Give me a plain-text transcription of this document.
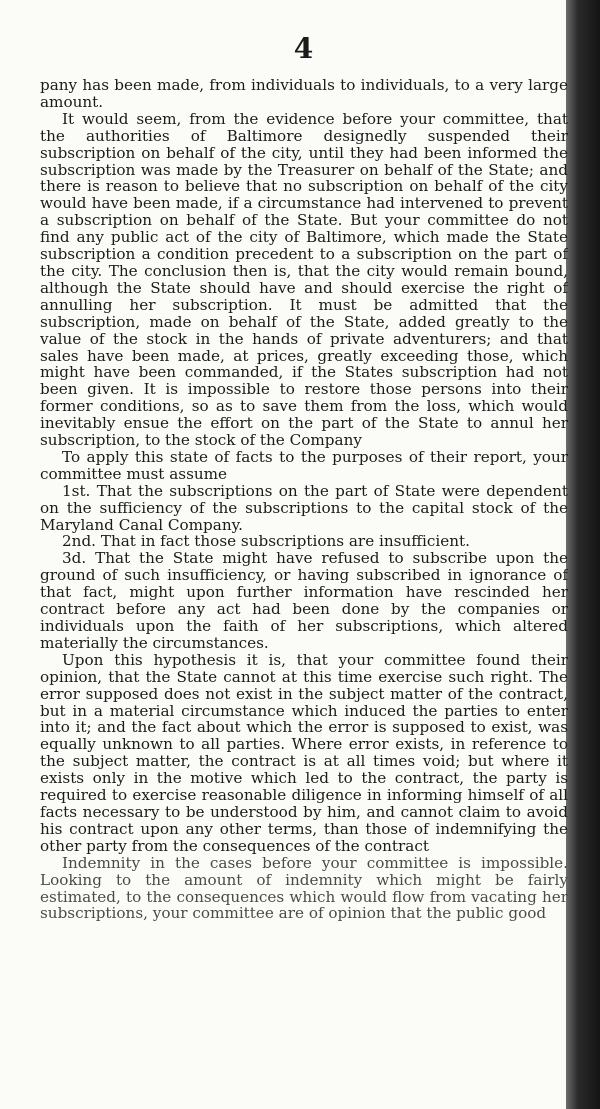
4

pany has been made, from individuals to individuals, to a very large amount.

It would seem, from the evidence before your committee, that the authorities of Baltimore designedly suspended their subscription on behalf of the city, until they had been informed the subscription was made by the Treasurer on behalf of the State; and there is reason to believe that no subscription on behalf of the city would have been made, if a circumstance had intervened to prevent a subscription on behalf of the State. But your committee do not find any public act of the city of Baltimore, which made the State subscription a condition precedent to a subscription on the part of the city. The conclusion then is, that the city would remain bound, although the State should have and should exercise the right of annulling her subscription. It must be admitted that the subscription, made on behalf of the State, added greatly to the value of the stock in the hands of private adventurers; and that sales have been made, at prices, greatly exceeding those, which might have been commanded, if the States subscription had not been given. It is impossible to restore those persons into their former conditions, so as to save them from the loss, which would inevitably ensue the effort on the part of the State to annul her subscription, to the stock of the Company

To apply this state of facts to the purposes of their report, your committee must assume

1st. That the subscriptions on the part of State were dependent on the sufficiency of the subscriptions to the capital stock of the Maryland Canal Company.

2nd. That in fact those subscriptions are insufficient.

3d. That the State might have refused to subscribe upon the ground of such insufficiency, or having subscribed in ignorance of that fact, might upon further information have rescinded her contract before any act had been done by the companies or individuals upon the faith of her subscriptions, which altered materially the circumstances.

Upon this hypothesis it is, that your committee found their opinion, that the State cannot at this time exercise such right. The error supposed does not exist in the subject matter of the contract, but in a material circumstance which induced the parties to enter into it; and the fact about which the error is supposed to exist, was equally unknown to all parties. Where error exists, in reference to the subject matter, the contract is at all times void; but where it exists only in the motive which led to the contract, the party is required to exercise reasonable diligence in informing himself of all facts necessary to be understood by him, and cannot claim to avoid his contract upon any other terms, than those of indemnifying the other party from the consequences of the contract

Indemnity in the cases before your committee is impossible. Looking to the amount of indemnity which might be fairly estimated, to the consequences which would flow from vacating her subscriptions, your committee are of opinion that the public good
